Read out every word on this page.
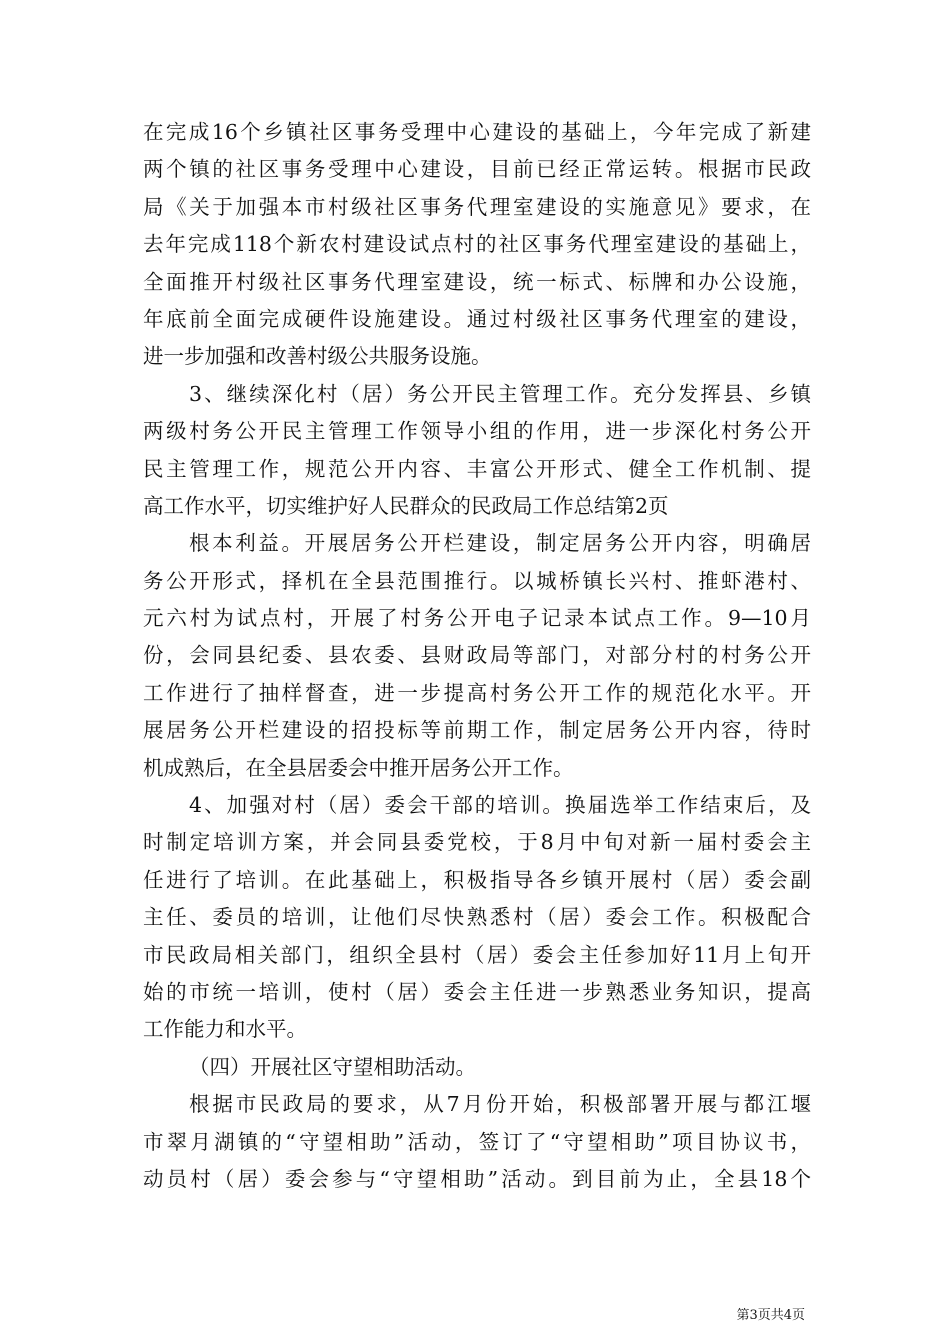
在完成16个乡镇社区事务受理中心建设的基础上，今年完成了新建
两个镇的社区事务受理中心建设，目前已经正常运转。根据市民政
局《关于加强本市村级社区事务代理室建设的实施意见》要求，在
去年完成118个新农村建设试点村的社区事务代理室建设的基础上，
全面推开村级社区事务代理室建设，统一标式、标牌和办公设施，
年底前全面完成硬件设施建设。通过村级社区事务代理室的建设，
进一步加强和改善村级公共服务设施。
3、继续深化村（居）务公开民主管理工作。充分发挥县、乡镇
两级村务公开民主管理工作领导小组的作用，进一步深化村务公开
民主管理工作，规范公开内容、丰富公开形式、健全工作机制、提
高工作水平，切实维护好人民群众的民政局工作总结第2页
根本利益。开展居务公开栏建设，制定居务公开内容，明确居
务公开形式，择机在全县范围推行。以城桥镇长兴村、推虾港村、
元六村为试点村，开展了村务公开电子记录本试点工作。9—10月
份，会同县纪委、县农委、县财政局等部门，对部分村的村务公开
工作进行了抽样督查，进一步提高村务公开工作的规范化水平。开
展居务公开栏建设的招投标等前期工作，制定居务公开内容，待时
机成熟后，在全县居委会中推开居务公开工作。
4、加强对村（居）委会干部的培训。换届选举工作结束后，及
时制定培训方案，并会同县委党校，于8月中旬对新一届村委会主
任进行了培训。在此基础上，积极指导各乡镇开展村（居）委会副
主任、委员的培训，让他们尽快熟悉村（居）委会工作。积极配合
市民政局相关部门，组织全县村（居）委会主任参加好11月上旬开
始的市统一培训，使村（居）委会主任进一步熟悉业务知识，提高
工作能力和水平。
（四）开展社区守望相助活动。
根据市民政局的要求，从7月份开始，积极部署开展与都江堰
市翠月湖镇的“守望相助”活动，签订了“守望相助”项目协议书，
动员村（居）委会参与“守望相助”活动。到目前为止，全县18个
第3页共4页
